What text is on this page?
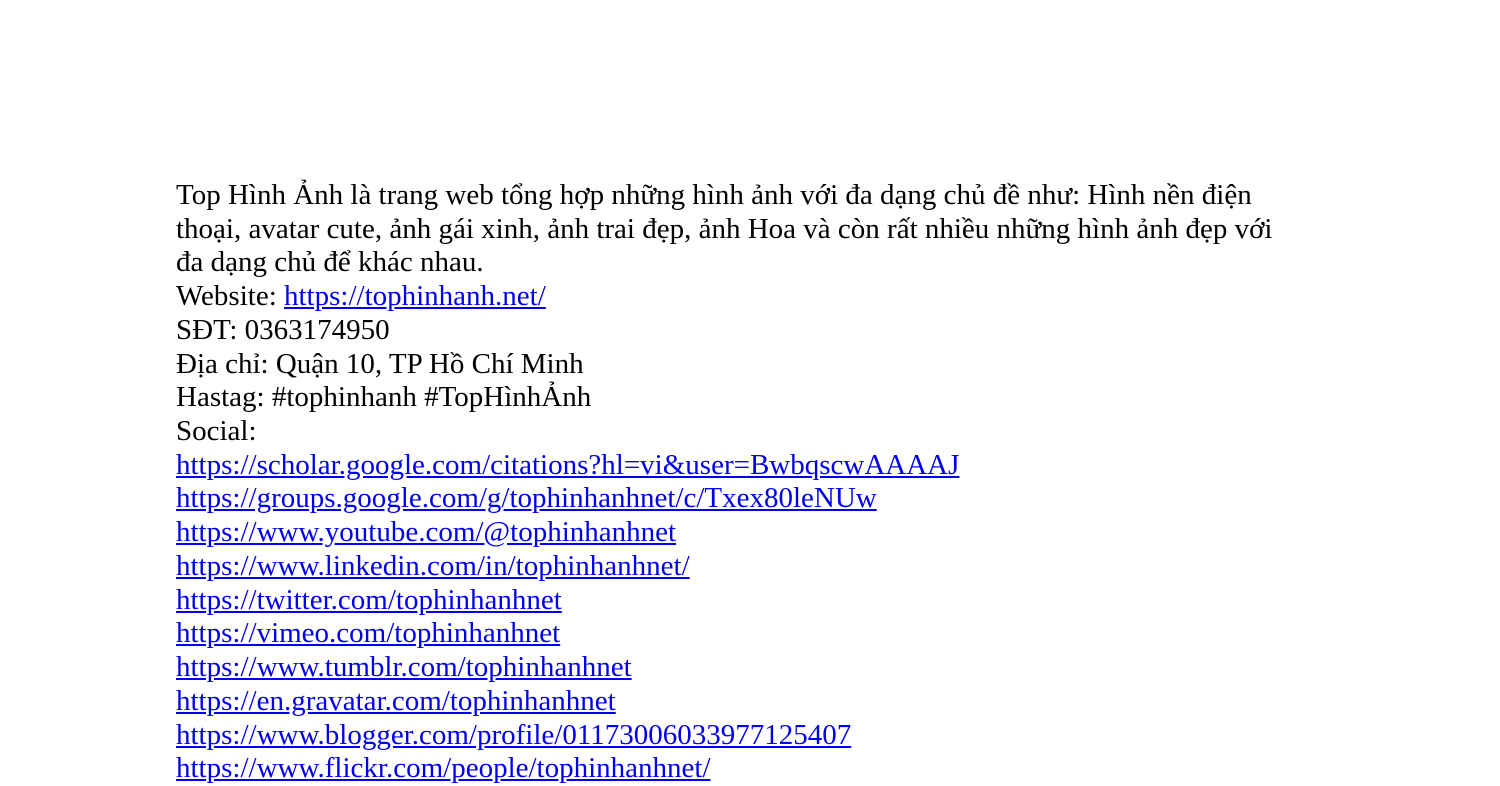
Top Hình Ảnh là trang web tổng hợp những hình ảnh với đa dạng chủ đề như: Hình nền điện
thoại, avatar cute, ảnh gái xinh, ảnh trai đẹp, ảnh Hoa và còn rất nhiều những hình ảnh đẹp với
đa dạng chủ để khác nhau.
Website: https://tophinhanh.net/
SĐT: 0363174950
Địa chỉ: Quận 10, TP Hồ Chí Minh
Hastag: #tophinhanh #TopHìnhẢnh
Social:
https://scholar.google.com/citations?hl=vi&user=BwbqscwAAAAJ
https://groups.google.com/g/tophinhanhnet/c/Txex80leNUw
https://www.youtube.com/@tophinhanhnet
https://www.linkedin.com/in/tophinhanhnet/
https://twitter.com/tophinhanhnet
https://vimeo.com/tophinhanhnet
https://www.tumblr.com/tophinhanhnet
https://en.gravatar.com/tophinhanhnet
https://www.blogger.com/profile/01173006033977125407
https://www.flickr.com/people/tophinhanhnet/
